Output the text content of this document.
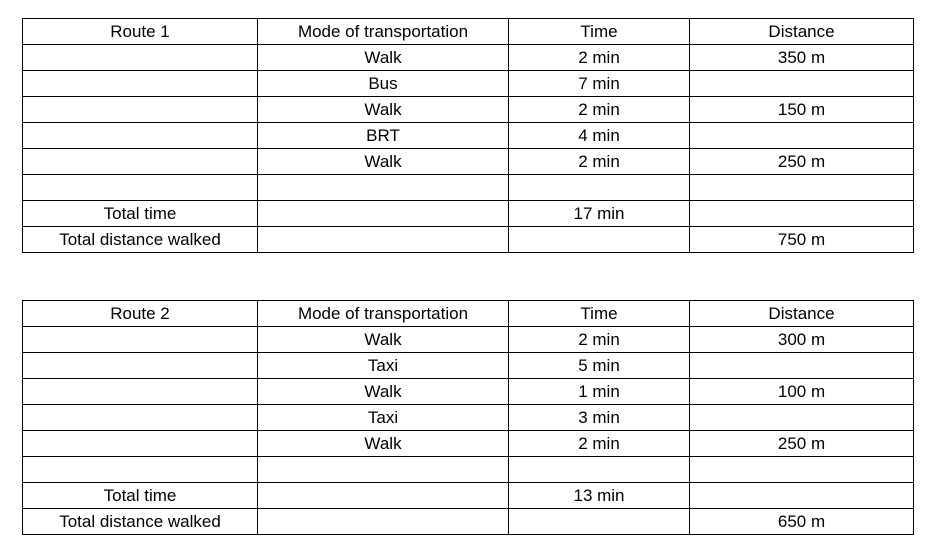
Route 1	Mode of transportation	Time	Distance
	Walk	2 min	350 m
	Bus	7 min	
	Walk	2 min	150 m
	BRT	4 min	
	Walk	2 min	250 m

Total time		17 min	
Total distance walked			750 m
Route 2	Mode of transportation	Time	Distance
	Walk	2 min	300 m
	Taxi	5 min	
	Walk	1 min	100 m
	Taxi	3 min	
	Walk	2 min	250 m

Total time		13 min	
Total distance walked			650 m
